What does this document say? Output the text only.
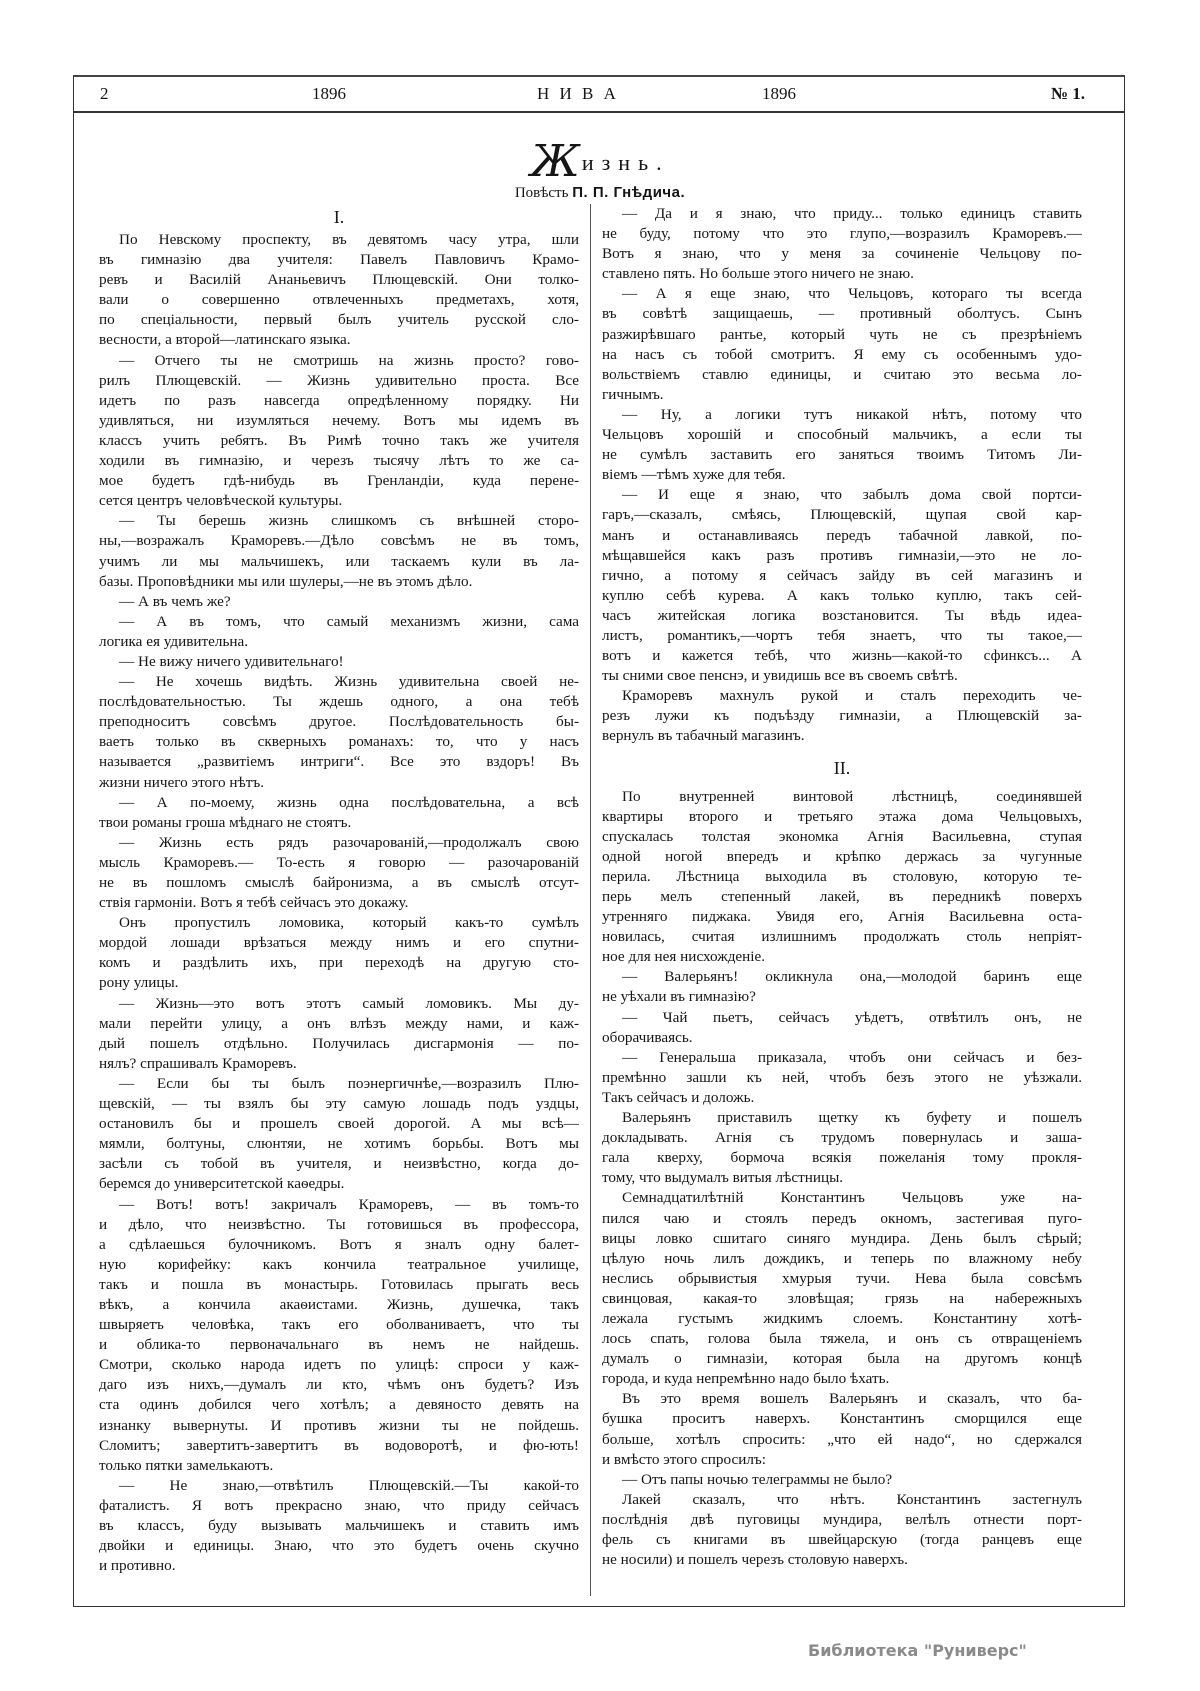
2	1896	Н И В А	1896	№ 1.
Жизнь.
Повѣсть П. П. Гнѣдича.
I.
По Невскому проспекту, въ девятомъ часу утра, шли
въ гимназію два учителя: Павелъ Павловичъ Крамо-
ревъ и Василій Ананьевичъ Плющевскій. Они толко-
вали о совершенно отвлеченныхъ предметахъ, хотя,
по спеціальности, первый былъ учитель русской сло-
весности, а второй—латинскаго языка.
— Отчего ты не смотришь на жизнь просто? гово-
рилъ Плющевскій. — Жизнь удивительно проста. Все
идетъ по разъ навсегда опредѣленному порядку. Ни
удивляться, ни изумляться нечему. Вотъ мы идемъ въ
классъ учить ребятъ. Въ Римѣ точно такъ же учителя
ходили въ гимназію, и черезъ тысячу лѣтъ то же са-
мое будетъ гдѣ-нибудь въ Гренландіи, куда перене-
сется центръ человѣческой культуры.
— Ты берешь жизнь слишкомъ съ внѣшней сторо-
ны,—возражалъ Краморевъ.—Дѣло совсѣмъ не въ томъ,
учимъ ли мы мальчишекъ, или таскаемъ кули въ ла-
базы. Проповѣдники мы или шулеры,—не въ этомъ дѣло.
— А въ чемъ же?
— А въ томъ, что самый механизмъ жизни, сама
логика ея удивительна.
— Не вижу ничего удивительнаго!
— Не хочешь видѣть. Жизнь удивительна своей не-
послѣдовательностью. Ты ждешь одного, а она тебѣ
преподноситъ совсѣмъ другое. Послѣдовательность бы-
ваетъ только въ скверныхъ романахъ: то, что у насъ
называется „развитіемъ интриги“. Все это вздоръ! Въ
жизни ничего этого нѣтъ.
— А по-моему, жизнь одна послѣдовательна, а всѣ
твои романы гроша мѣднаго не стоятъ.
— Жизнь есть рядъ разочарованій,—продолжалъ свою
мысль Краморевъ.— То-есть я говорю — разочарованій
не въ пошломъ смыслѣ байронизма, а въ смыслѣ отсут-
ствія гармоніи. Вотъ я тебѣ сейчасъ это докажу.
Онъ пропустилъ ломовика, который какъ-то сумѣлъ
мордой лошади врѣзаться между нимъ и его спутни-
комъ и раздѣлить ихъ, при переходѣ на другую сто-
рону улицы.
— Жизнь—это вотъ этотъ самый ломовикъ. Мы ду-
мали перейти улицу, а онъ влѣзъ между нами, и каж-
дый пошелъ отдѣльно. Получилась дисгармонія — по-
нялъ? спрашивалъ Краморевъ.
— Если бы ты былъ поэнергичнѣе,—возразилъ Плю-
щевскій, — ты взялъ бы эту самую лошадь подъ уздцы,
остановилъ бы и прошелъ своей дорогой. А мы всѣ—
мямли, болтуны, слюнтяи, не хотимъ борьбы. Вотъ мы
засѣли съ тобой въ учителя, и неизвѣстно, когда до-
беремся до университетской каѳедры.
— Вотъ! вотъ! закричалъ Краморевъ, — въ томъ-то
и дѣло, что неизвѣстно. Ты готовишься въ профессора,
а сдѣлаешься булочникомъ. Вотъ я зналъ одну балет-
ную корифейку: какъ кончила театральное училище,
такъ и пошла въ монастырь. Готовилась прыгать весь
вѣкъ, а кончила акаѳистами. Жизнь, душечка, такъ
швыряетъ человѣка, такъ его оболваниваетъ, что ты
и облика-то первоначальнаго въ немъ не найдешь.
Смотри, сколько народа идетъ по улицѣ: спроси у каж-
даго изъ нихъ,—думалъ ли кто, чѣмъ онъ будетъ? Изъ
ста одинъ добился чего хотѣлъ; а девяносто девять на
изнанку вывернуты. И противъ жизни ты не пойдешь.
Сломитъ; завертитъ-завертитъ въ водоворотѣ, и фю-ють!
только пятки замелькаютъ.
— Не знаю,—отвѣтилъ Плющевскій.—Ты какой-то
фаталистъ. Я вотъ прекрасно знаю, что приду сейчасъ
въ классъ, буду вызывать мальчишекъ и ставить имъ
двойки и единицы. Знаю, что это будетъ очень скучно
и противно.
— Да и я знаю, что приду... только единицъ ставить
не буду, потому что это глупо,—возразилъ Краморевъ.—
Вотъ я знаю, что у меня за сочиненіе Чельцову по-
ставлено пять. Но больше этого ничего не знаю.
— А я еще знаю, что Чельцовъ, котораго ты всегда
въ совѣтѣ защищаешь, — противный оболтусъ. Сынъ
разжирѣвшаго рантье, который чуть не съ презрѣніемъ
на насъ съ тобой смотритъ. Я ему съ особеннымъ удо-
вольствіемъ ставлю единицы, и считаю это весьма ло-
гичнымъ.
— Ну, а логики тутъ никакой нѣтъ, потому что
Чельцовъ хорошій и способный мальчикъ, а если ты
не сумѣлъ заставить его заняться твоимъ Титомъ Ли-
віемъ —тѣмъ хуже для тебя.
— И еще я знаю, что забылъ дома свой портси-
гаръ,—сказалъ, смѣясь, Плющевскій, щупая свой кар-
манъ и останавливаясь передъ табачной лавкой, по-
мѣщавшейся какъ разъ противъ гимназіи,—это не ло-
гично, а потому я сейчасъ зайду въ сей магазинъ и
куплю себѣ курева. А какъ только куплю, такъ сей-
часъ житейская логика возстановится. Ты вѣдь идеа-
листъ, романтикъ,—чортъ тебя знаетъ, что ты такое,—
вотъ и кажется тебѣ, что жизнь—какой-то сфинксъ... А
ты сними свое пенснэ, и увидишь все въ своемъ свѣтѣ.
Краморевъ махнулъ рукой и сталъ переходить че-
резъ лужи къ подъѣзду гимназіи, а Плющевскій за-
вернулъ въ табачный магазинъ.
II.
По внутренней винтовой лѣстницѣ, соединявшей
квартиры второго и третьяго этажа дома Чельцовыхъ,
спускалась толстая экономка Агнія Васильевна, ступая
одной ногой впередъ и крѣпко держась за чугунные
перила. Лѣстница выходила въ столовую, которую те-
перь мелъ степенный лакей, въ передникѣ поверхъ
утренняго пиджака. Увидя его, Агнія Васильевна оста-
новилась, считая излишнимъ продолжать столь непріят-
ное для нея нисхожденіе.
— Валерьянъ! окликнула она,—молодой баринъ еще
не уѣхали въ гимназію?
— Чай пьетъ, сейчасъ уѣдетъ, отвѣтилъ онъ, не
оборачиваясь.
— Генеральша приказала, чтобъ они сейчасъ и без-
премѣнно зашли къ ней, чтобъ безъ этого не уѣзжали.
Такъ сейчасъ и доложь.
Валерьянъ приставилъ щетку къ буфету и пошелъ
докладывать. Агнія съ трудомъ повернулась и зашa-
гала кверху, бормоча всякія пожеланія тому прокля-
тому, что выдумалъ витыя лѣстницы.
Семнадцатилѣтній Константинъ Чельцовъ уже на-
пился чаю и стоялъ передъ окномъ, застегивая пуго-
вицы ловко сшитаго синяго мундира. День былъ сѣрый;
цѣлую ночь лилъ дождикъ, и теперь по влажному небу
неслись обрывистыя хмурыя тучи. Нева была совсѣмъ
свинцовая, какая-то зловѣщая; грязь на набережныхъ
лежала густымъ жидкимъ слоемъ. Константину хотѣ-
лось спать, голова была тяжела, и онъ съ отвращеніемъ
думалъ о гимназіи, которая была на другомъ концѣ
города, и куда непремѣнно надо было ѣхать.
Въ это время вошелъ Валерьянъ и сказалъ, что ба-
бушка проситъ наверхъ. Константинъ сморщился еще
больше, хотѣлъ спросить: „что ей надо“, но сдержался
и вмѣсто этого спросилъ:
— Отъ папы ночью телеграммы не было?
Лакей сказалъ, что нѣтъ. Константинъ застегнулъ
послѣднія двѣ пуговицы мундира, велѣлъ отнести порт-
фель съ книгами въ швейцарскую (тогда ранцевъ еще
не носили) и пошелъ черезъ столовую наверхъ.
Библиотека "Руниверс"
